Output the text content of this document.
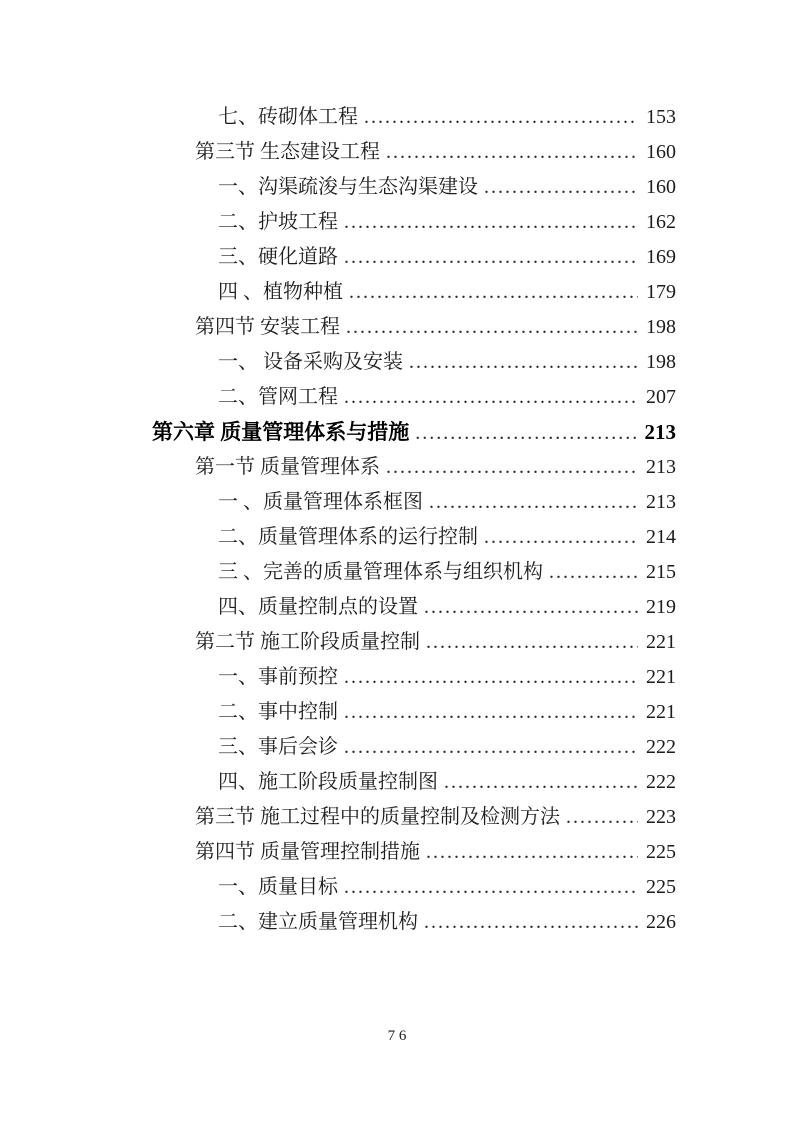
七、砖砌体工程 .....	153
第三节 生态建设工程 .....	160
一、沟渠疏浚与生态沟渠建设 .....	160
二、护坡工程 .....	162
三、硬化道路 .....	169
四 、植物种植 .....	179
第四节 安装工程 .....	198
一、 设备采购及安装 .....	198
二、管网工程 .....	207
第六章 质量管理体系与措施 .....	213
第一节 质量管理体系 .....	213
一 、质量管理体系框图 .....	213
二、质量管理体系的运行控制 .....	214
三 、完善的质量管理体系与组织机构 .....	215
四、质量控制点的设置 .....	219
第二节 施工阶段质量控制 .....	221
一、事前预控 .....	221
二、事中控制 .....	221
三、事后会诊 .....	222
四、施工阶段质量控制图 .....	222
第三节 施工过程中的质量控制及检测方法 .....	223
第四节 质量管理控制措施 .....	225
一、质量目标 .....	225
二、建立质量管理机构 .....	226
7 6
